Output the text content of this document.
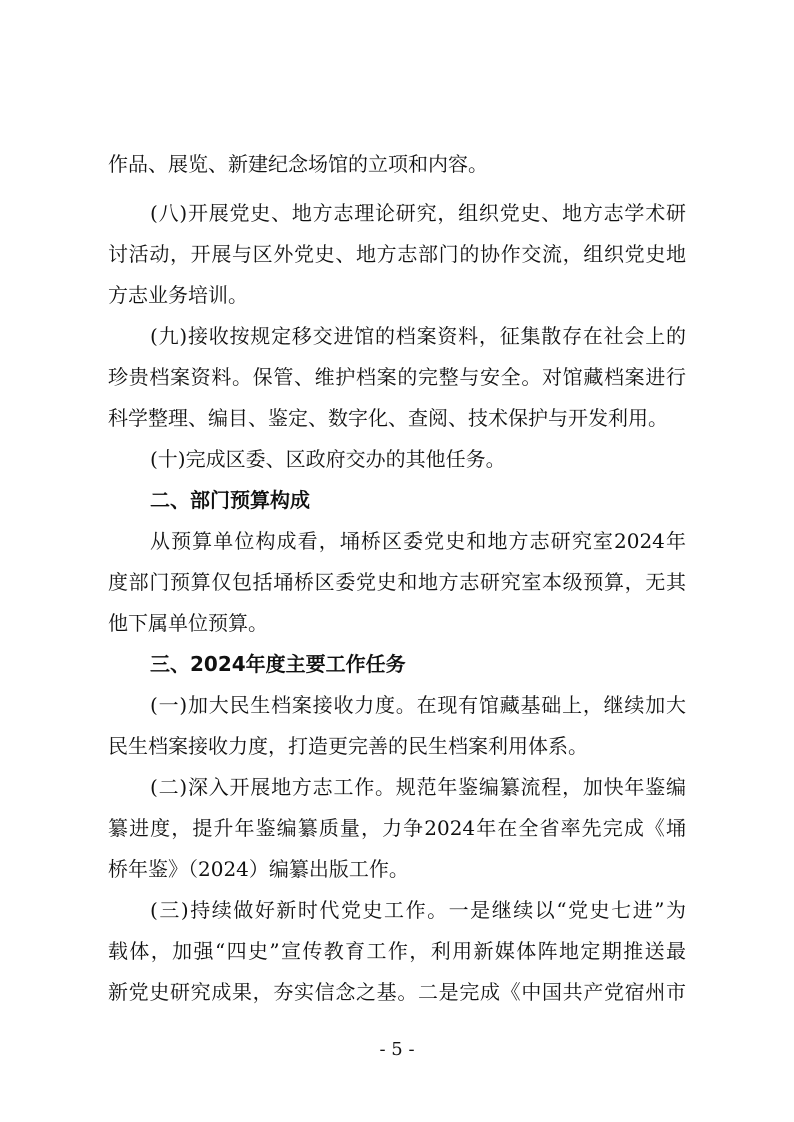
作品、展览、新建纪念场馆的立项和内容。
(八)开展党史、地方志理论研究，组织党史、地方志学术研
讨活动，开展与区外党史、地方志部门的协作交流，组织党史地
方志业务培训。
(九)接收按规定移交进馆的档案资料，征集散存在社会上的
珍贵档案资料。保管、维护档案的完整与安全。对馆藏档案进行
科学整理、编目、鉴定、数字化、查阅、技术保护与开发利用。
(十)完成区委、区政府交办的其他任务。
二、部门预算构成
从预算单位构成看，埇桥区委党史和地方志研究室2024年
度部门预算仅包括埇桥区委党史和地方志研究室本级预算，无其
他下属单位预算。
三、2024年度主要工作任务
(一)加大民生档案接收力度。在现有馆藏基础上，继续加大
民生档案接收力度，打造更完善的民生档案利用体系。
(二)深入开展地方志工作。规范年鉴编纂流程，加快年鉴编
纂进度，提升年鉴编纂质量，力争2024年在全省率先完成《埇
桥年鉴》（2024）编纂出版工作。
(三)持续做好新时代党史工作。一是继续以“党史七进”为
载体，加强“四史”宣传教育工作，利用新媒体阵地定期推送最
新党史研究成果，夯实信念之基。二是完成《中国共产党宿州市
- 5 -
